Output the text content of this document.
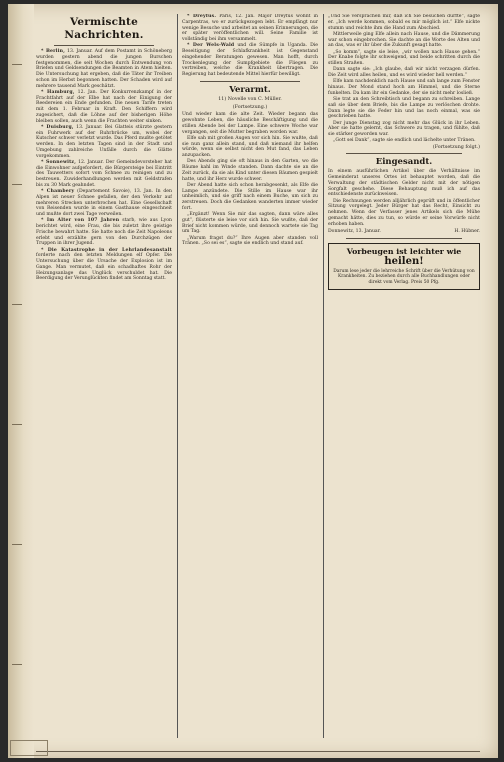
Vermischte Nachrichten.

* Berlin, 13. Januar. Auf dem Postamt in Schöneberg wurden gestern abend die jungen Burschen festgenommen, die seit Wochen durch Entwendung von Briefen und Geldsendungen die Beamten in Atem hielten. Die Untersuchung hat ergeben, daß die Täter ihr Treiben schon im Herbst begonnen hatten. Der Schaden wird auf mehrere tausend Mark geschätzt.

* Hamburg, 12. Jan. Der Konkurrenzkampf in der Frachtfahrt auf der Elbe hat nach der Einigung der Reedereien ein Ende gefunden. Die neuen Tarife treten mit dem 1. Februar in Kraft. Den Schiffern wird zugesichert, daß die Löhne auf der bisherigen Höhe bleiben sollen, auch wenn die Frachten weiter sinken.

* Duisburg, 13. Januar. Bei Glatteis stürzte gestern ein Fuhrwerk auf der Ruhrbrücke um, wobei der Kutscher schwer verletzt wurde. Das Pferd mußte getötet werden. In den letzten Tagen sind in der Stadt und Umgebung zahlreiche Unfälle durch die Glätte vorgekommen.

* Sonnewitz, 12. Januar. Der Gemeindevorsteher hat die Einwohner aufgefordert, die Bürgersteige bei Eintritt des Tauwetters sofort vom Schnee zu reinigen und zu bestreuen. Zuwiderhandlungen werden mit Geldstrafen bis zu 30 Mark geahndet.

* Chambery (Departement Savoie), 13. Jan. In den Alpen ist neuer Schnee gefallen, der den Verkehr auf mehreren Strecken unterbrochen hat. Eine Gesellschaft von Reisenden wurde in einem Gasthause eingeschneit und mußte dort zwei Tage verweilen.

* Im Alter von 107 Jahren starb, wie aus Lyon berichtet wird, eine Frau, die bis zuletzt ihre geistige Frische bewahrt hatte. Sie hatte noch die Zeit Napoleons erlebt und erzählte gern von den Durchzügen der Truppen in ihrer Jugend.

* Die Katastrophe in der Lehrlandesanstalt forderte nach den letzten Meldungen elf Opfer. Die Untersuchung über die Ursache der Explosion ist im Gange. Man vermutet, daß ein schadhaftes Rohr der Heizungsanlage das Unglück verschuldet hat. Die Beerdigung der Verunglückten findet am Sonntag statt.

* Dreyfus. Paris, 12. Jan. Major Dreyfus wohnt in Carpentras, wo er zurückgezogen lebt. Er empfängt nur wenige Besuche und arbeitet an seinen Erinnerungen, die er später veröffentlichen will. Seine Familie ist vollständig bei ihm versammelt.

* Der Wels-Wald und die Sümpfe in Uganda. Die Beseitigung der Schlafkrankheit ist Gegenstand eingehender Beratungen gewesen. Man hofft, durch Trockenlegung der Sumpfgebiete die Fliegen zu vertreiben, welche die Krankheit übertragen. Die Regierung hat bedeutende Mittel hierfür bewilligt.

Verarmt.
11) Novelle von C. Müller.
(Fortsetzung.)

Und wieder kam die alte Zeit. Wieder begann das gewohnte Leben, die häusliche Beschäftigung und die stillen Abende bei der Lampe. Eine schwere Woche war vergangen, seit die Mutter begraben worden war.

Elfe sah mit großen Augen vor sich hin. Sie wußte, daß sie nun ganz allein stand, und daß niemand ihr helfen würde, wenn sie selbst nicht den Mut fand, das Leben anzupacken.

Des Abends ging sie oft hinaus in den Garten, wo die Bäume kahl im Winde standen. Dann dachte sie an die Zeit zurück, da sie als Kind unter diesen Bäumen gespielt hatte, und ihr Herz wurde schwer.

Der Abend hatte sich schon herabgesenkt, als Elfe die Lampe anzündete. Die Stille im Hause war ihr unheimlich, und sie griff nach einem Buche, um sich zu zerstreuen. Doch die Gedanken wanderten immer wieder fort.

„Ergänzt! Wenn Sie mir das sagten, dann wäre alles gut“, flüsterte sie leise vor sich hin. Sie wußte, daß der Brief nicht kommen würde, und dennoch wartete sie Tag um Tag.

„Warum fragst du?“ Ihre Augen aber standen voll Tränen. „So sei es“, sagte sie endlich und stand auf.

„Und Sie versprachen mir, daß ich Sie besuchen dürfte“, sagte er. „Ich werde kommen, sobald es mir möglich ist.“ Elfe nickte stumm und reichte ihm die Hand zum Abschied.

Mittlerweile ging Elfe allein nach Hause, und die Dämmerung war schon eingebrochen. Sie dachte an die Worte des Alten und an das, was er ihr über die Zukunft gesagt hatte.

„So komm“, sagte sie leise, „wir wollen nach Hause gehen.“ Der Knabe folgte ihr schweigend, und beide schritten durch die stillen Straßen.

Dann sagte sie: „Ich glaube, daß wir nicht verzagen dürfen. Die Zeit wird alles heilen, und es wird wieder hell werden.“

Elfe kam nachdenklich nach Hause und sah lange zum Fenster hinaus. Der Mond stand hoch am Himmel, und die Sterne funkelten. Da kam ihr ein Gedanke, der sie nicht mehr losließ.

Sie trat an den Schreibtisch und begann zu schreiben. Lange saß sie über dem Briefe, bis die Lampe zu verlöschen drohte. Dann legte sie die Feder hin und las noch einmal, was sie geschrieben hatte.

Der junge Dienstag zog nicht mehr das Glück in ihr Leben. Aber sie hatte gelernt, das Schwere zu tragen, und fühlte, daß sie stärker geworden war.

„Gott sei Dank“, sagte sie endlich und lächelte unter Tränen.

(Fortsetzung folgt.)
Eingesandt.

In einem ausführlichen Artikel über die Verhältnisse im Gemeinderat unseres Ortes ist behauptet worden, daß die Verwaltung der städtischen Gelder nicht mit der nötigen Sorgfalt geschehe. Diese Behauptung muß ich auf das entschiedenste zurückweisen.

Die Rechnungen werden alljährlich geprüft und in öffentlicher Sitzung vorgelegt. Jeder Bürger hat das Recht, Einsicht zu nehmen. Wenn der Verfasser jenes Artikels sich die Mühe gemacht hätte, dies zu tun, so würde er seine Vorwürfe nicht erhoben haben.

Donnewitz, 13. Januar.	H. Hübner.
Vorbeugen ist leichter wie
heilen!
Darum lese jeder die lehrreiche Schrift über die Verhütung von Krankheiten. Zu beziehen durch alle Buchhandlungen oder direkt vom Verlag. Preis 50 Pfg.
